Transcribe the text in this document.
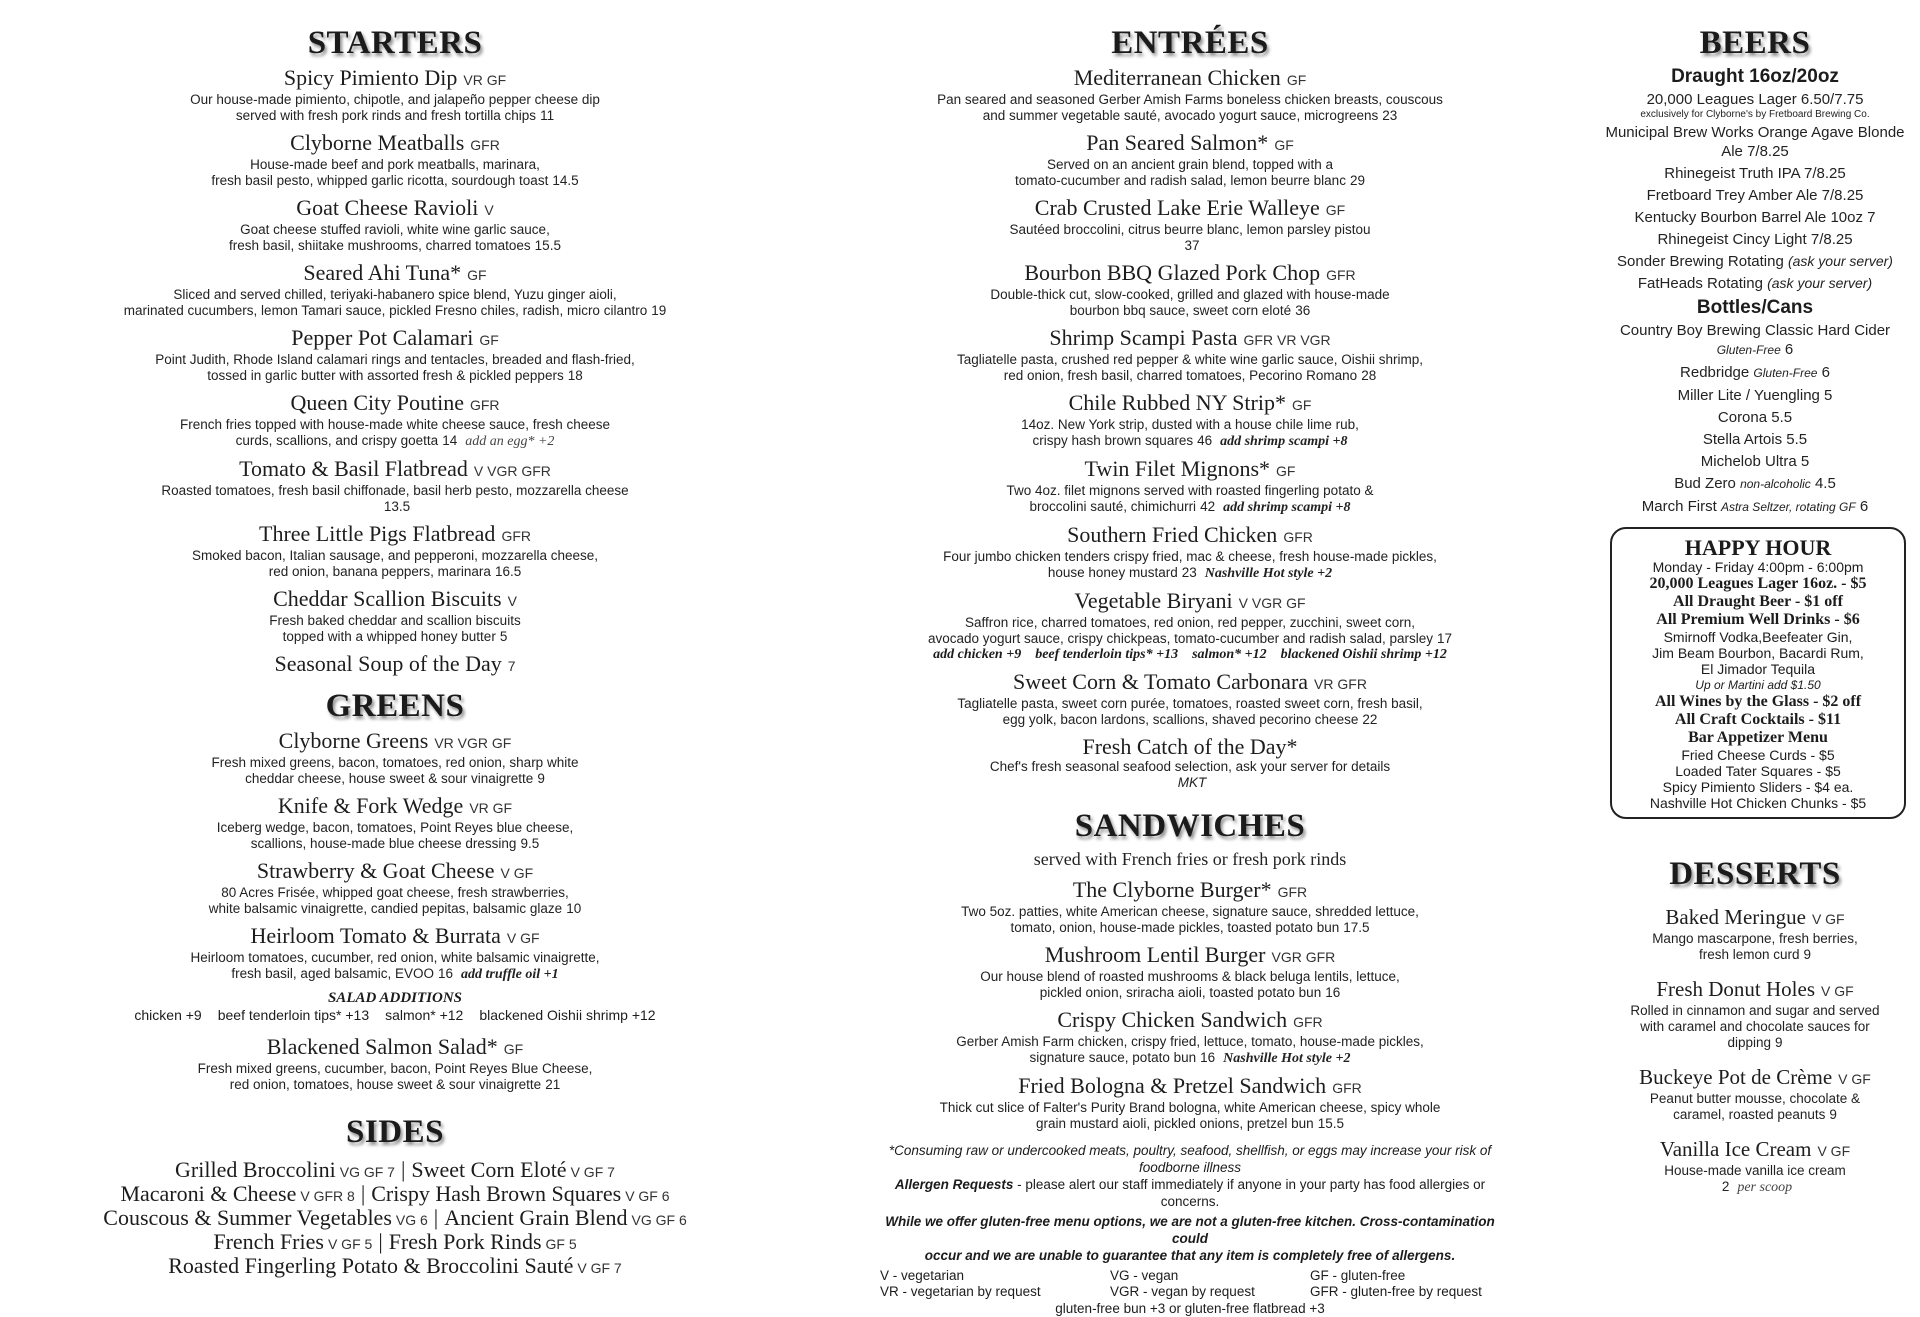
STARTERS
Spicy Pimiento Dip VR GF
Our house-made pimiento, chipotle, and jalapeño pepper cheese dip
served with fresh pork rinds and fresh tortilla chips 11
Clyborne Meatballs GFR
House-made beef and pork meatballs, marinara,
fresh basil pesto, whipped garlic ricotta, sourdough toast 14.5
Goat Cheese Ravioli V
Goat cheese stuffed ravioli, white wine garlic sauce,
fresh basil, shiitake mushrooms, charred tomatoes 15.5
Seared Ahi Tuna* GF
Sliced and served chilled, teriyaki-habanero spice blend, Yuzu ginger aioli,
marinated cucumbers, lemon Tamari sauce, pickled Fresno chiles, radish, micro cilantro 19
Pepper Pot Calamari GF
Point Judith, Rhode Island calamari rings and tentacles, breaded and flash-fried,
tossed in garlic butter with assorted fresh & pickled peppers 18
Queen City Poutine GFR
French fries topped with house-made white cheese sauce, fresh cheese
curds, scallions, and crispy goetta 14 add an egg* +2
Tomato & Basil Flatbread V VGR GFR
Roasted tomatoes, fresh basil chiffonade, basil herb pesto, mozzarella cheese
13.5
Three Little Pigs Flatbread GFR
Smoked bacon, Italian sausage, and pepperoni, mozzarella cheese,
red onion, banana peppers, marinara 16.5
Cheddar Scallion Biscuits V
Fresh baked cheddar and scallion biscuits
topped with a whipped honey butter 5
Seasonal Soup of the Day 7
GREENS
Clyborne Greens VR VGR GF
Fresh mixed greens, bacon, tomatoes, red onion, sharp white
cheddar cheese, house sweet & sour vinaigrette 9
Knife & Fork Wedge VR GF
Iceberg wedge, bacon, tomatoes, Point Reyes blue cheese,
scallions, house-made blue cheese dressing 9.5
Strawberry & Goat Cheese V GF
80 Acres Frisée, whipped goat cheese, fresh strawberries,
white balsamic vinaigrette, candied pepitas, balsamic glaze 10
Heirloom Tomato & Burrata V GF
Heirloom tomatoes, cucumber, red onion, white balsamic vinaigrette,
fresh basil, aged balsamic, EVOO 16 add truffle oil +1
SALAD ADDITIONS
chicken +9 beef tenderloin tips* +13 salmon* +12 blackened Oishii shrimp +12
Blackened Salmon Salad* GF
Fresh mixed greens, cucumber, bacon, Point Reyes Blue Cheese,
red onion, tomatoes, house sweet & sour vinaigrette 21
SIDES
Grilled Broccolini VG GF 7 | Sweet Corn Eloté V GF 7
Macaroni & Cheese V GFR 8 | Crispy Hash Brown Squares V GF 6
Couscous & Summer Vegetables VG 6 | Ancient Grain Blend VG GF 6
French Fries V GF 5 | Fresh Pork Rinds GF 5
Roasted Fingerling Potato & Broccolini Sauté V GF 7
ENTRÉES
Mediterranean Chicken GF
Pan seared and seasoned Gerber Amish Farms boneless chicken breasts, couscous
and summer vegetable sauté, avocado yogurt sauce, microgreens 23
Pan Seared Salmon* GF
Served on an ancient grain blend, topped with a
tomato-cucumber and radish salad, lemon beurre blanc 29
Crab Crusted Lake Erie Walleye GF
Sautéed broccolini, citrus beurre blanc, lemon parsley pistou
37
Bourbon BBQ Glazed Pork Chop GFR
Double-thick cut, slow-cooked, grilled and glazed with house-made
bourbon bbq sauce, sweet corn eloté 36
Shrimp Scampi Pasta GFR VR VGR
Tagliatelle pasta, crushed red pepper & white wine garlic sauce, Oishii shrimp,
red onion, fresh basil, charred tomatoes, Pecorino Romano 28
Chile Rubbed NY Strip* GF
14oz. New York strip, dusted with a house chile lime rub,
crispy hash brown squares 46 add shrimp scampi +8
Twin Filet Mignons* GF
Two 4oz. filet mignons served with roasted fingerling potato &
broccolini sauté, chimichurri 42 add shrimp scampi +8
Southern Fried Chicken GFR
Four jumbo chicken tenders crispy fried, mac & cheese, fresh house-made pickles,
house honey mustard 23 Nashville Hot style +2
Vegetable Biryani V VGR GF
Saffron rice, charred tomatoes, red onion, red pepper, zucchini, sweet corn,
avocado yogurt sauce, crispy chickpeas, tomato-cucumber and radish salad, parsley 17
add chicken +9    beef tenderloin tips* +13    salmon* +12    blackened Oishii shrimp +12
Sweet Corn & Tomato Carbonara VR GFR
Tagliatelle pasta, sweet corn purée, tomatoes, roasted sweet corn, fresh basil,
egg yolk, bacon lardons, scallions, shaved pecorino cheese 22
Fresh Catch of the Day*
Chef's fresh seasonal seafood selection, ask your server for details
MKT
SANDWICHES
served with French fries or fresh pork rinds
The Clyborne Burger* GFR
Two 5oz. patties, white American cheese, signature sauce, shredded lettuce,
tomato, onion, house-made pickles, toasted potato bun 17.5
Mushroom Lentil Burger VGR GFR
Our house blend of roasted mushrooms & black beluga lentils, lettuce,
pickled onion, sriracha aioli, toasted potato bun 16
Crispy Chicken Sandwich GFR
Gerber Amish Farm chicken, crispy fried, lettuce, tomato, house-made pickles,
signature sauce, potato bun 16 Nashville Hot style +2
Fried Bologna & Pretzel Sandwich GFR
Thick cut slice of Falter's Purity Brand bologna, white American cheese, spicy whole
grain mustard aioli, pickled onions, pretzel bun 15.5
*Consuming raw or undercooked meats, poultry, seafood, shellfish, or eggs may increase your risk of foodborne illness
Allergen Requests - please alert our staff immediately if anyone in your party has food allergies or concerns.
While we offer gluten-free menu options, we are not a gluten-free kitchen. Cross-contamination could
occur and we are unable to guarantee that any item is completely free of allergens.
V - vegetarian	VG - vegan	GF - gluten-free
VR - vegetarian by request	VGR - vegan by request	GFR - gluten-free by request
gluten-free bun +3 or gluten-free flatbread +3
BEERS
Draught 16oz/20oz
20,000 Leagues Lager 6.50/7.75
exclusively for Clyborne's by Fretboard Brewing Co.
Municipal Brew Works Orange Agave Blonde Ale 7/8.25
Rhinegeist Truth IPA 7/8.25
Fretboard Trey Amber Ale 7/8.25
Kentucky Bourbon Barrel Ale 10oz 7
Rhinegeist Cincy Light 7/8.25
Sonder Brewing Rotating (ask your server)
FatHeads Rotating (ask your server)
Bottles/Cans
Country Boy Brewing Classic Hard Cider Gluten-Free 6
Redbridge Gluten-Free 6
Miller Lite / Yuengling 5
Corona 5.5
Stella Artois 5.5
Michelob Ultra 5
Bud Zero non-alcoholic 4.5
March First Astra Seltzer, rotating GF 6
HAPPY HOUR
Monday - Friday 4:00pm - 6:00pm
20,000 Leagues Lager 16oz. - $5
All Draught Beer - $1 off
All Premium Well Drinks - $6
Smirnoff Vodka,Beefeater Gin,
Jim Beam Bourbon, Bacardi Rum,
El Jimador Tequila
Up or Martini add $1.50
All Wines by the Glass - $2 off
All Craft Cocktails - $11
Bar Appetizer Menu
Fried Cheese Curds - $5
Loaded Tater Squares - $5
Spicy Pimiento Sliders - $4 ea.
Nashville Hot Chicken Chunks - $5
DESSERTS
Baked Meringue V GF
Mango mascarpone, fresh berries,
fresh lemon curd 9
Fresh Donut Holes V GF
Rolled in cinnamon and sugar and served
with caramel and chocolate sauces for
dipping 9
Buckeye Pot de Crème V GF
Peanut butter mousse, chocolate &
caramel, roasted peanuts 9
Vanilla Ice Cream V GF
House-made vanilla ice cream
2 per scoop
